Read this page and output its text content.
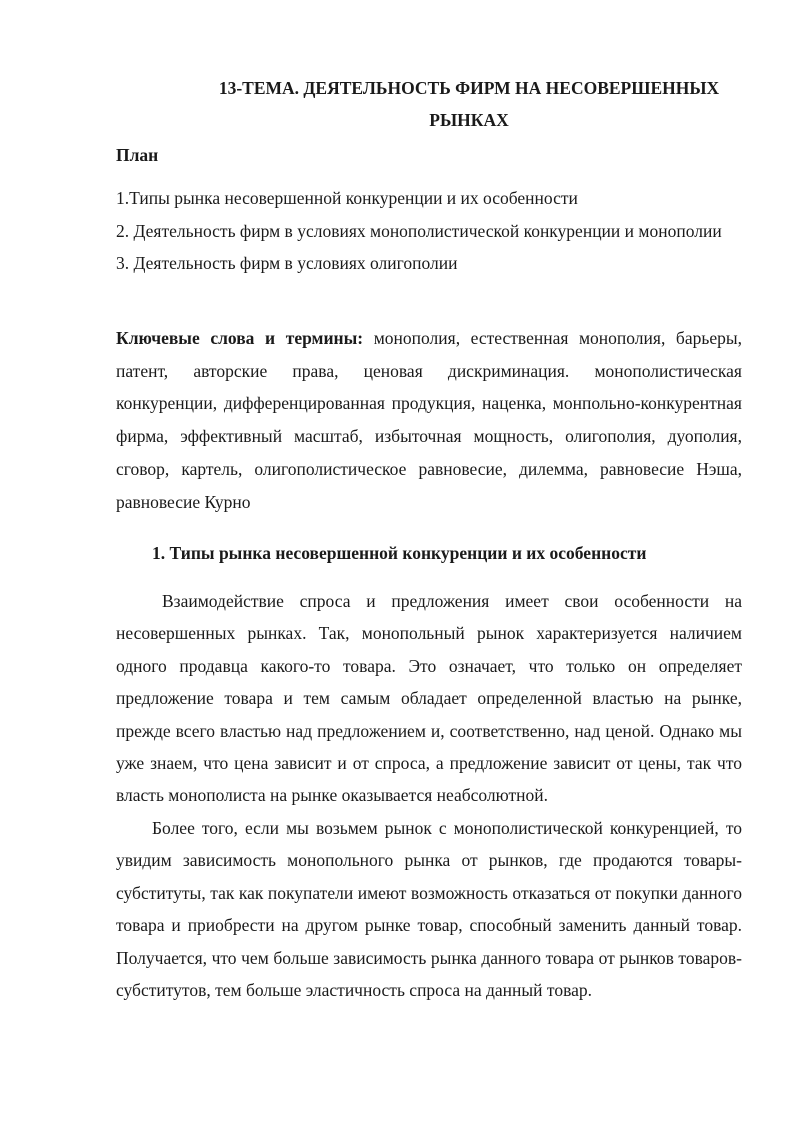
13-ТЕМА. ДЕЯТЕЛЬНОСТЬ ФИРМ НА НЕСОВЕРШЕННЫХ
РЫНКАХ
План
1.Типы рынка несовершенной конкуренции и их особенности
2. Деятельность фирм в условиях монополистической конкуренции и монополии
3. Деятельность фирм в условиях олигополии
Ключевые слова и термины: монополия, естественная монополия, барьеры, патент, авторские права, ценовая дискриминация. монополистическая конкуренции, дифференцированная продукция, наценка, монпольно-конкурентная фирма, эффективный масштаб, избыточная мощность, олигополия, дуополия, сговор, картель, олигополистическое равновесие, дилемма, равновесие Нэша, равновесие Курно
1. Типы рынка несовершенной конкуренции и их особенности

Взаимодействие спроса и предложения имеет свои особенности на несовершенных рынках. Так, монопольный рынок характеризуется наличием одного продавца какого-то товара. Это означает, что только он определяет предложение товара и тем самым обладает определенной властью на рынке, прежде всего властью над предложением и, соответственно, над ценой. Однако мы уже знаем, что цена зависит и от спроса, а предложение зависит от цены, так что власть монополиста на рынке оказывается неабсолютной.

Более того, если мы возьмем рынок с монополистической конкуренцией, то увидим зависимость монопольного рынка от рынков, где продаются товары-субституты, так как покупатели имеют возможность отказаться от покупки данного товара и приобрести на другом рынке товар, способный заменить данный товар. Получается, что чем больше зависимость рынка данного товара от рынков товаров-субститутов, тем больше эластичность спроса на данный товар.
